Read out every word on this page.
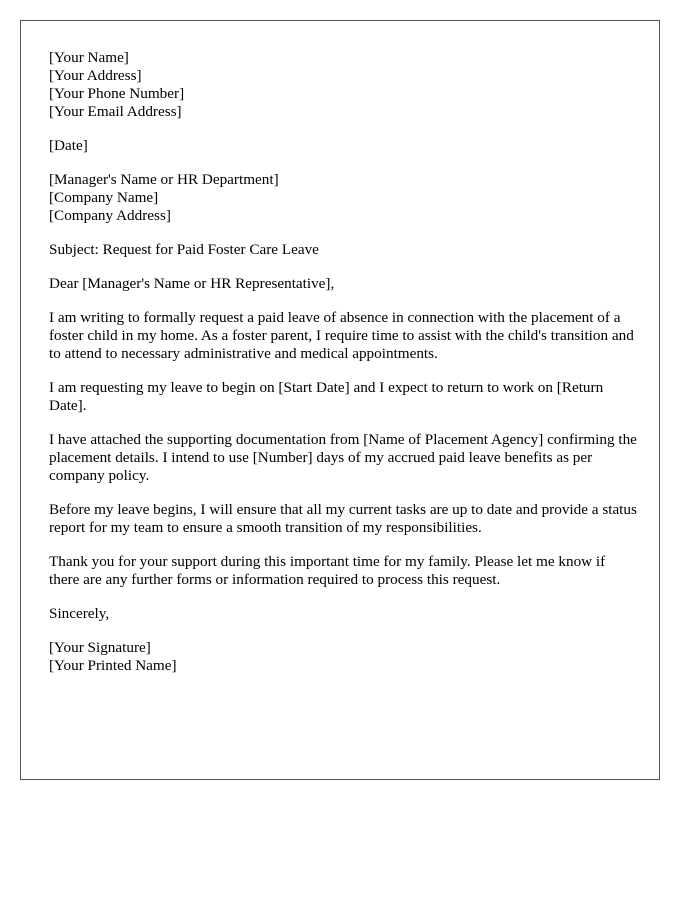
[Your Name]
[Your Address]
[Your Phone Number]
[Your Email Address]
[Date]
[Manager's Name or HR Department]
[Company Name]
[Company Address]

Subject: Request for Paid Foster Care Leave

Dear [Manager's Name or HR Representative],

I am writing to formally request a paid leave of absence in connection with the placement of a foster child in my home. As a foster parent, I require time to assist with the child's transition and to attend to necessary administrative and medical appointments.

I am requesting my leave to begin on [Start Date] and I expect to return to work on [Return Date].

I have attached the supporting documentation from [Name of Placement Agency] confirming the placement details. I intend to use [Number] days of my accrued paid leave benefits as per company policy.

Before my leave begins, I will ensure that all my current tasks are up to date and provide a status report for my team to ensure a smooth transition of my responsibilities.

Thank you for your support during this important time for my family. Please let me know if there are any further forms or information required to process this request.

Sincerely,

[Your Signature]
[Your Printed Name]
